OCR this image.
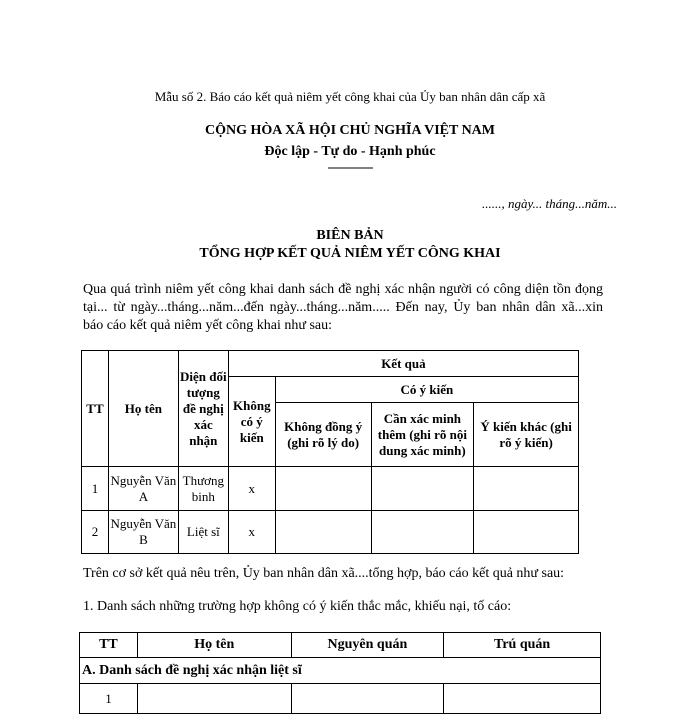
Mẫu số 2. Báo cáo kết quả niêm yết công khai của Ủy ban nhân dân cấp xã
CỘNG HÒA XÃ HỘI CHỦ NGHĨA VIỆT NAM
Độc lập - Tự do - Hạnh phúc
---------------
......, ngày... tháng...năm...
BIÊN BẢN
TỔNG HỢP KẾT QUẢ NIÊM YẾT CÔNG KHAI
Qua quá trình niêm yết công khai danh sách đề nghị xác nhận người có công diện tồn đọng tại... từ ngày...tháng...năm...đến ngày...tháng...năm..... Đến nay, Ủy ban nhân dân xã...xin báo cáo kết quả niêm yết công khai như sau:
TT	Họ tên	Diện đối tượng đề nghị xác nhận	Kết quả			
			Không có ý kiến	Có ý kiến		
				Không đồng ý (ghi rõ lý do)	Cần xác minh thêm (ghi rõ nội dung xác minh)	Ý kiến khác (ghi rõ ý kiến)
1	Nguyễn Văn A	Thương binh	x			
2	Nguyễn Văn B	Liệt sĩ	x			
Trên cơ sở kết quả nêu trên, Ủy ban nhân dân xã....tổng hợp, báo cáo kết quả như sau:
1. Danh sách những trường hợp không có ý kiến thắc mắc, khiếu nại, tố cáo:
TT	Họ tên	Nguyên quán	Trú quán
A. Danh sách đề nghị xác nhận liệt sĩ			
1			
